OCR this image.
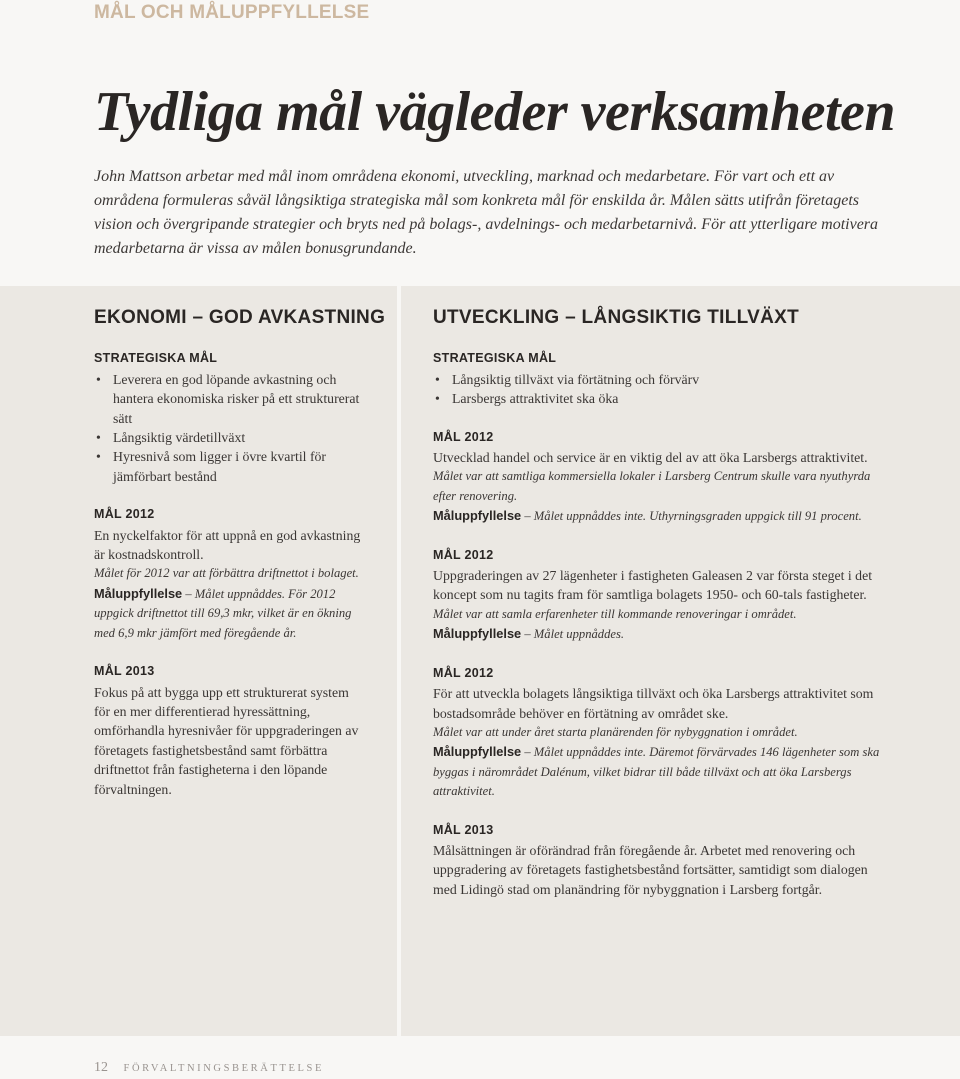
MÅL OCH MÅLUPPFYLLELSE
Tydliga mål vägleder verksamheten

John Mattson arbetar med mål inom områdena ekonomi, utveckling, marknad och medarbetare. För vart och ett av områdena formuleras såväl långsiktiga strategiska mål som konkreta mål för enskilda år. Målen sätts utifrån företagets vision och övergripande strategier och bryts ned på bolags-, avdelnings- och medarbetarnivå. För att ytterligare motivera medarbetarna är vissa av målen bonusgrundande.

EKONOMI – GOD AVKASTNING
STRATEGISKA MÅL
• Leverera en god löpande avkastning och hantera ekonomiska risker på ett strukturerat sätt
• Långsiktig värdetillväxt
• Hyresnivå som ligger i övre kvartil för jämförbart bestånd
MÅL 2012

En nyckelfaktor för att uppnå en god avkastning är kostnadskontroll.

Målet för 2012 var att förbättra driftnettot i bolaget.

Måluppfyllelse – Målet uppnåddes. För 2012 uppgick driftnettot till 69,3 mkr, vilket är en ökning med 6,9 mkr jämfört med föregående år.

MÅL 2013

Fokus på att bygga upp ett strukturerat system för en mer differentierad hyressättning, omförhandla hyresnivåer för uppgraderingen av företagets fastighetsbestånd samt förbättra driftnettot från fastigheterna i den löpande förvaltningen.

UTVECKLING – LÅNGSIKTIG TILLVÄXT
STRATEGISKA MÅL
• Långsiktig tillväxt via förtätning och förvärv
• Larsbergs attraktivitet ska öka
MÅL 2012

Utvecklad handel och service är en viktig del av att öka Larsbergs attraktivitet.

Målet var att samtliga kommersiella lokaler i Larsberg Centrum skulle vara nyuthyrda efter renovering.

Måluppfyllelse – Målet uppnåddes inte. Uthyrningsgraden uppgick till 91 procent.

MÅL 2012

Uppgraderingen av 27 lägenheter i fastigheten Galeasen 2 var första steget i det koncept som nu tagits fram för samtliga bolagets 1950- och 60-tals fastigheter.

Målet var att samla erfarenheter till kommande renoveringar i området.

Måluppfyllelse – Målet uppnåddes.

MÅL 2012

För att utveckla bolagets långsiktiga tillväxt och öka Larsbergs attraktivitet som bostadsområde behöver en förtätning av området ske.

Målet var att under året starta planärenden för nybyggnation i området.

Måluppfyllelse – Målet uppnåddes inte. Däremot förvärvades 146 lägenheter som ska byggas i närområdet Dalénum, vilket bidrar till både tillväxt och att öka Larsbergs attraktivitet.

MÅL 2013

Målsättningen är oförändrad från föregående år. Arbetet med renovering och uppgradering av företagets fastighetsbestånd fortsätter, samtidigt som dialogen med Lidingö stad om planändring för nybyggnation i Larsberg fortgår.

12 FÖRVALTNINGSBERÄTTELSE
